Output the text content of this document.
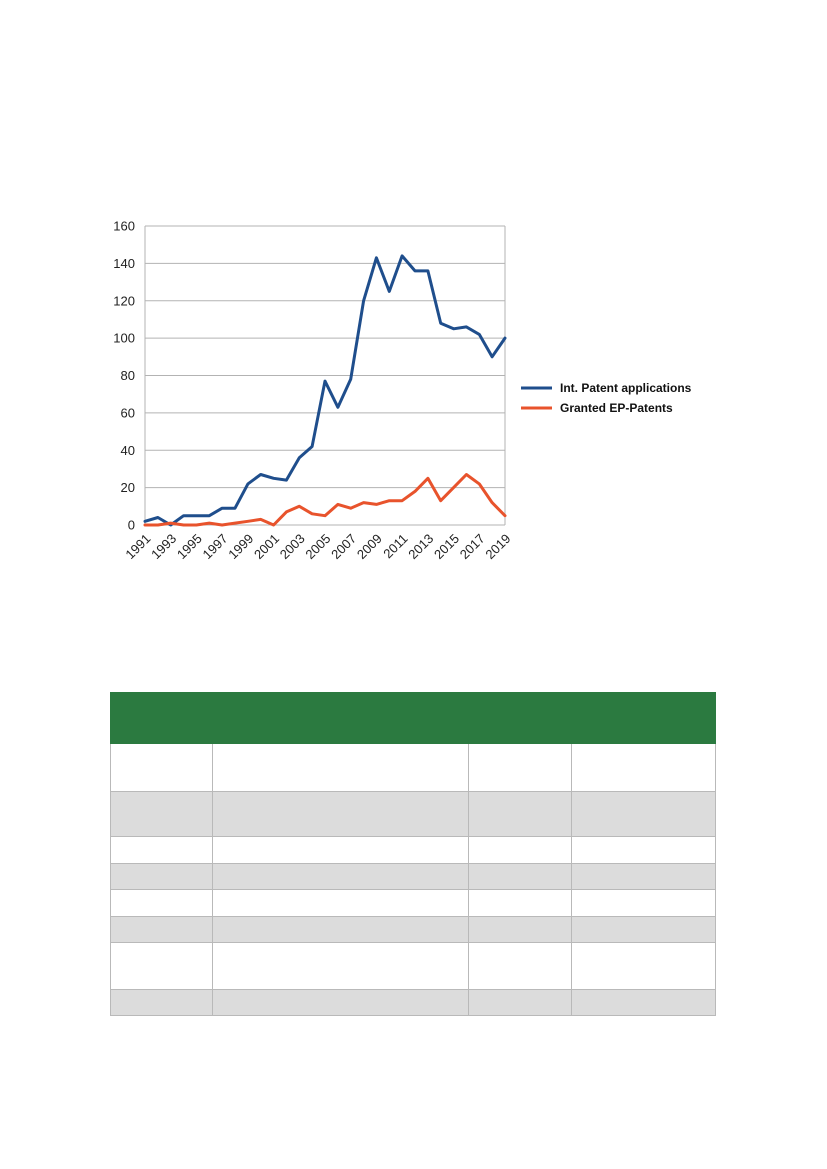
0
20
40
60
80
100
120
140
160
1991
1993
1995
1997
1999
2001
2003
2005
2007
2009
2011
2013
2015
2017
2019
Int. Patent applications
Granted EP-Patents
